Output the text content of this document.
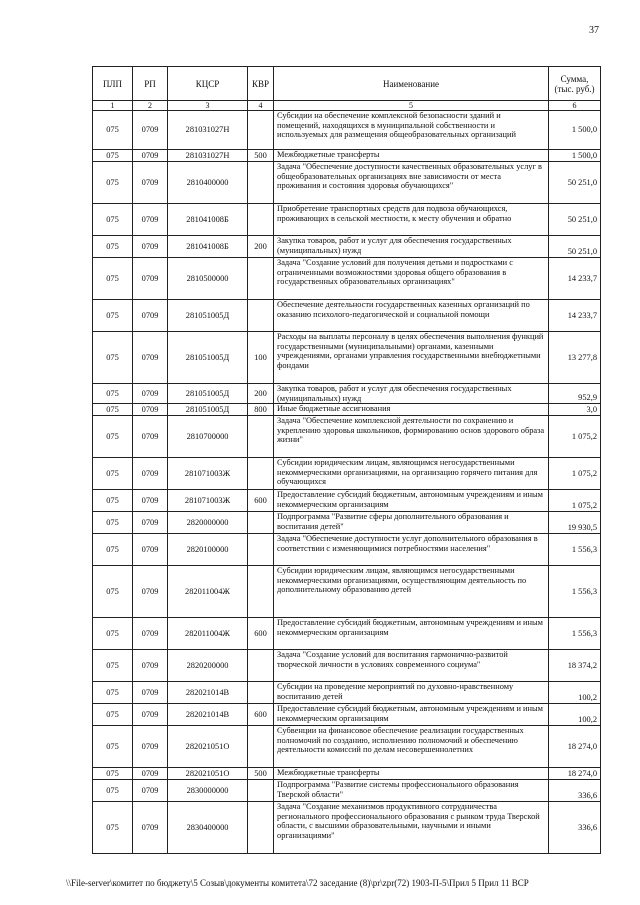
37
ПЛП	РП	КЦСР	КВР	Наименование	Сумма,
(тыс. руб.)
1	2	3	4	5	6
075	0709	281031027Н		Субсидии на обеспечение комплексной безопасности зданий и помещений, находящихся в муниципальной собственности и используемых для размещения общеобразовательных организаций	1 500,0
075	0709	281031027Н	500	Межбюджетные трансферты	1 500,0
075	0709	2810400000		Задача "Обеспечение доступности качественных образовательных услуг в общеобразовательных организациях вне зависимости от места проживания и состояния здоровья обучающихся"	50 251,0
075	0709	281041008Б		Приобретение транспортных средств для подвоза обучающихся, проживающих в сельской местности, к месту обучения и обратно	50 251,0
075	0709	281041008Б	200	Закупка товаров, работ и услуг для обеспечения государственных (муниципальных) нужд	50 251,0
075	0709	2810500000		Задача "Создание условий для получения детьми и подростками с ограниченными возможностями здоровья общего образования в государственных образовательных организациях"	14 233,7
075	0709	281051005Д		Обеспечение деятельности государственных казенных организаций по оказанию психолого-педагогической и социальной помощи	14 233,7
075	0709	281051005Д	100	Расходы на выплаты персоналу в целях обеспечения выполнения функций государственными (муниципальными) органами, казенными учреждениями, органами управления государственными внебюджетными фондами	13 277,8
075	0709	281051005Д	200	Закупка товаров, работ и услуг для обеспечения государственных (муниципальных) нужд	952,9
075	0709	281051005Д	800	Иные бюджетные ассигнования	3,0
075	0709	2810700000		Задача "Обеспечение комплексной деятельности по сохранению и укреплению здоровья школьников, формированию основ здорового образа жизни"	1 075,2
075	0709	281071003Ж		Субсидии юридическим лицам, являющимся негосударственными некоммерческими организациями, на организацию горячего питания для обучающихся	1 075,2
075	0709	281071003Ж	600	Предоставление субсидий бюджетным, автономным учреждениям и иным некоммерческим организациям	1 075,2
075	0709	2820000000		Подпрограмма "Развитие сферы дополнительного образования и воспитания детей"	19 930,5
075	0709	2820100000		Задача "Обеспечение доступности услуг дополнительного образования в соответствии с изменяющимися потребностями населения"	1 556,3
075	0709	282011004Ж		Субсидии юридическим лицам, являющимся негосударственными некоммерческими организациями, осуществляющим деятельность по дополнительному образованию детей	1 556,3
075	0709	282011004Ж	600	Предоставление субсидий бюджетным, автономным учреждениям и иным некоммерческим организациям	1 556,3
075	0709	2820200000		Задача "Создание условий для воспитания гармонично-развитой творческой личности в условиях современного социума"	18 374,2
075	0709	282021014В		Субсидии на проведение мероприятий по духовно-нравственному воспитанию детей	100,2
075	0709	282021014В	600	Предоставление субсидий бюджетным, автономным учреждениям и иным некоммерческим организациям	100,2
075	0709	282021051О		Субвенции на финансовое обеспечение реализации государственных полномочий по созданию, исполнению полномочий и обеспечению деятельности комиссий по делам несовершеннолетних	18 274,0
075	0709	282021051О	500	Межбюджетные трансферты	18 274,0
075	0709	2830000000		Подпрограмма "Развитие системы профессионального образования Тверской области"	336,6
075	0709	2830400000		Задача "Создание механизмов продуктивного сотрудничества регионального профессионального образования с рынком труда Тверской области, с высшими образовательными, научными и иными организациями"	336,6
\\File-server\комитет по бюджету\5 Созыв\документы комитета\72 заседание (8)\pr\zpr(72) 1903-П-5\Прил 5 Прил 11 ВСР
